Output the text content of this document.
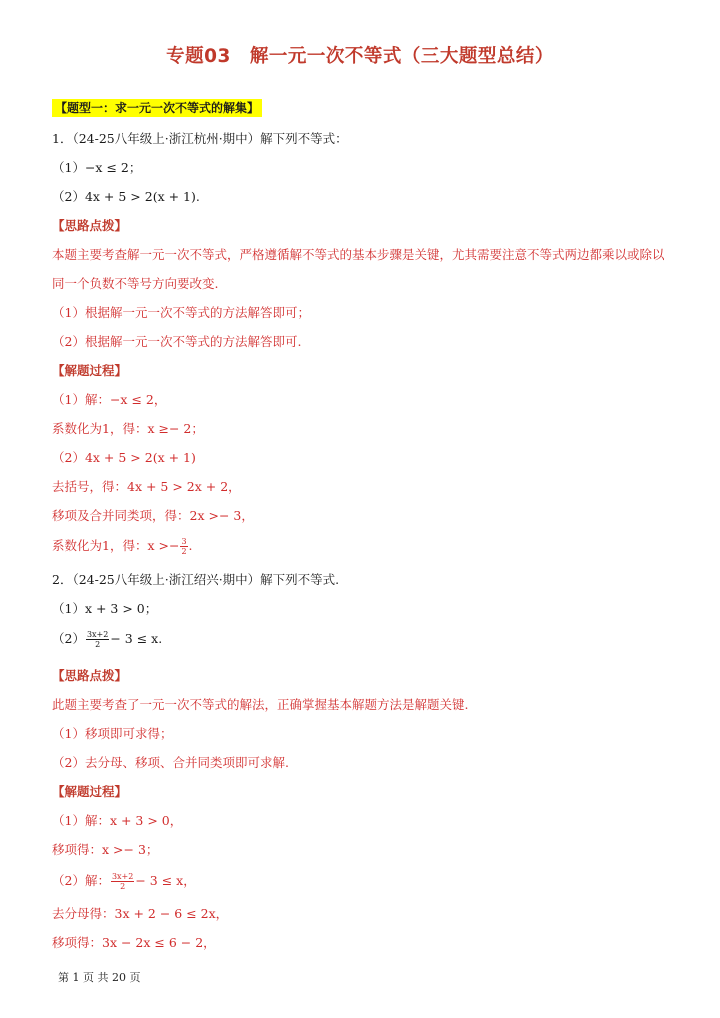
专题03　解一元一次不等式（三大题型总结）
【题型一：求一元一次不等式的解集】
1．（24-25八年级上·浙江杭州·期中）解下列不等式：
（1）−x ≤ 2；
（2）4x + 5 > 2(x + 1).
【思路点拨】
本题主要考查解一元一次不等式，严格遵循解不等式的基本步骤是关键，尤其需要注意不等式两边都乘以或除以
同一个负数不等号方向要改变.
（1）根据解一元一次不等式的方法解答即可；
（2）根据解一元一次不等式的方法解答即可.
【解题过程】
（1）解：−x ≤ 2，
系数化为1，得：x ≥− 2；
（2）4x + 5 > 2(x + 1)
去括号，得：4x + 5 > 2x + 2，
移项及合并同类项，得：2x >− 3，
系数化为1，得：$x >- \frac{3}{2}$ .
2．（24-25八年级上·浙江绍兴·期中）解下列不等式.
（1）x + 3 > 0；
$(2) \frac{3x+2}{2} - 3 \le x$.
【思路点拨】
此题主要考查了一元一次不等式的解法，正确掌握基本解题方法是解题关键.
（1）移项即可求得；
（2）去分母、移项、合并同类项即可求解.
【解题过程】
（1）解：x + 3 > 0，
移项得：x >− 3；
（2）解： $\frac{3x+2}{2} - 3 \le x$，
去分母得：3x + 2 − 6 ≤ 2x，
移项得：3x − 2x ≤ 6 − 2，
第 1 页 共 20 页
